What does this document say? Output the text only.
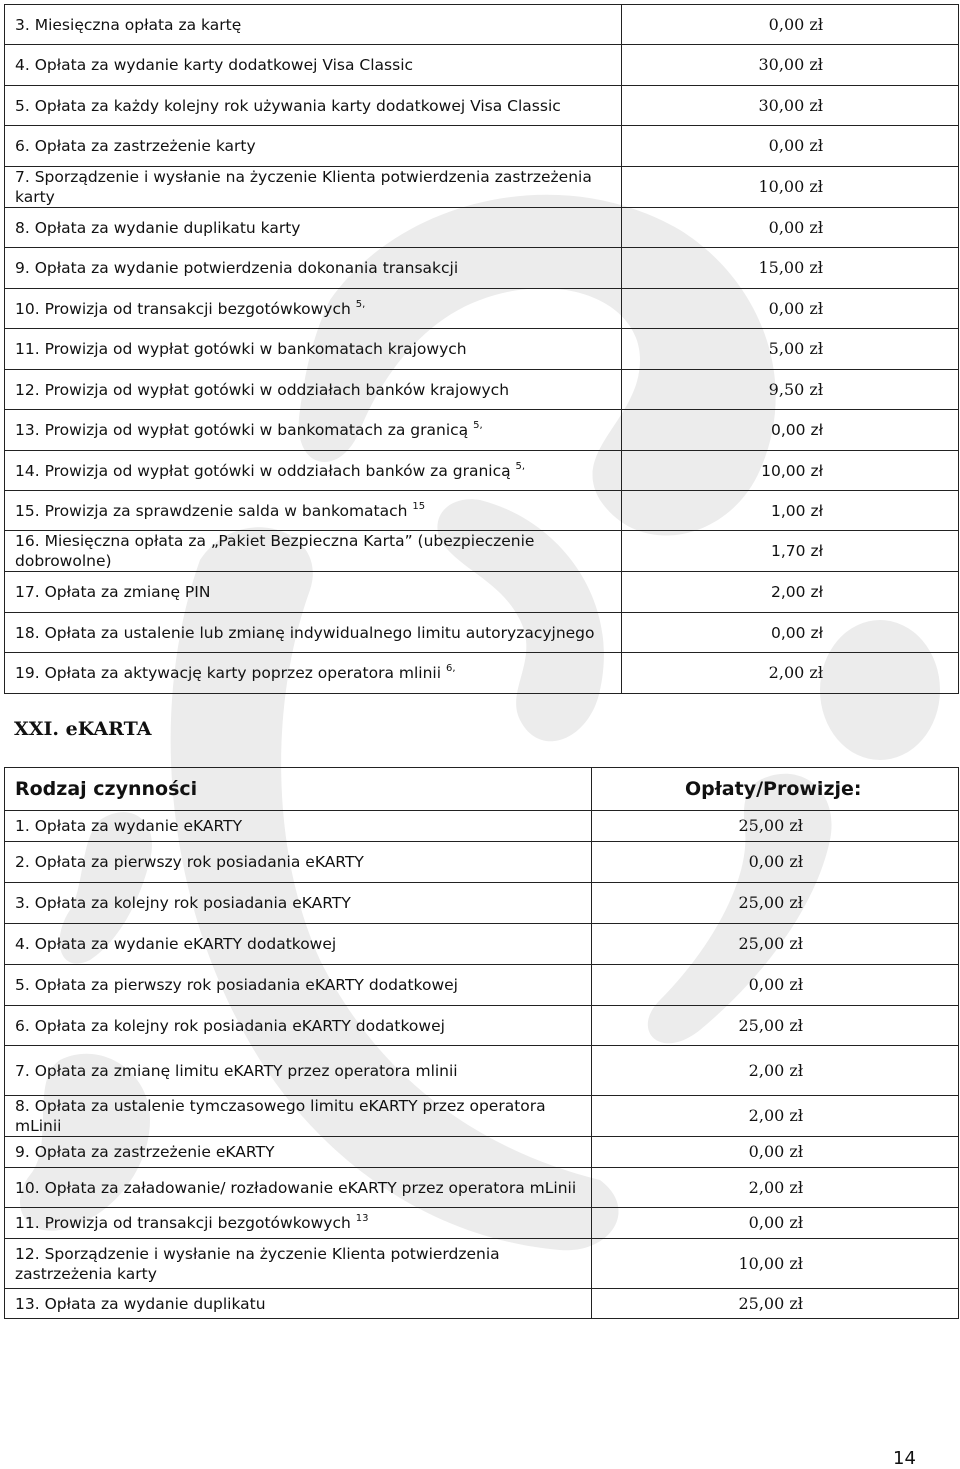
3. Miesięczna opłata za kartę	0,00 zł
4. Opłata za wydanie karty dodatkowej Visa Classic	30,00 zł
5. Opłata za każdy kolejny rok używania karty dodatkowej Visa Classic	30,00 zł
6. Opłata za zastrzeżenie karty	0,00 zł
7. Sporządzenie i wysłanie na życzenie Klienta potwierdzenia zastrzeżenia karty	10,00 zł
8. Opłata za wydanie duplikatu karty	0,00 zł
9. Opłata za wydanie potwierdzenia dokonania transakcji	15,00 zł
10. Prowizja od transakcji bezgotówkowych $^{5,}$	0,00 zł
11. Prowizja od wypłat gotówki w bankomatach krajowych	5,00 zł
12. Prowizja od wypłat gotówki w oddziałach banków krajowych	9,50 zł
13. Prowizja od wypłat gotówki w bankomatach za granicą $^{5,}$	0,00 zł
14. Prowizja od wypłat gotówki w oddziałach banków za granicą $^{5,}$	10,00 zł
15. Prowizja za sprawdzenie salda w bankomatach $^{15}$	1,00 zł
16. Miesięczna opłata za „Pakiet Bezpieczna Karta” (ubezpieczenie dobrowolne)	1,70 zł
17. Opłata za zmianę PIN	2,00 zł
18. Opłata za ustalenie lub zmianę indywidualnego limitu autoryzacyjnego	0,00 zł
19. Opłata za aktywację karty poprzez operatora mlinii $^{6,}$	2,00 zł
XXI. eKARTA
Rodzaj czynności	Opłaty/Prowizje:
1. Opłata za wydanie eKARTY	25,00 zł
2. Opłata za pierwszy rok posiadania eKARTY	0,00 zł
3. Opłata za kolejny rok posiadania eKARTY	25,00 zł
4. Opłata za wydanie eKARTY dodatkowej	25,00 zł
5. Opłata za pierwszy rok posiadania eKARTY dodatkowej	0,00 zł
6. Opłata za kolejny rok posiadania eKARTY dodatkowej	25,00 zł
7. Opłata za zmianę limitu eKARTY przez operatora mlinii	2,00 zł
8. Opłata za ustalenie tymczasowego limitu eKARTY przez operatora mLinii	2,00 zł
9. Opłata za zastrzeżenie eKARTY	0,00 zł
10. Opłata za załadowanie/ rozładowanie eKARTY przez operatora mLinii	2,00 zł
11. Prowizja od transakcji bezgotówkowych $^{13}$	0,00 zł
12. Sporządzenie i wysłanie na życzenie Klienta potwierdzenia zastrzeżenia karty	10,00 zł
13. Opłata za wydanie duplikatu	25,00 zł
14
